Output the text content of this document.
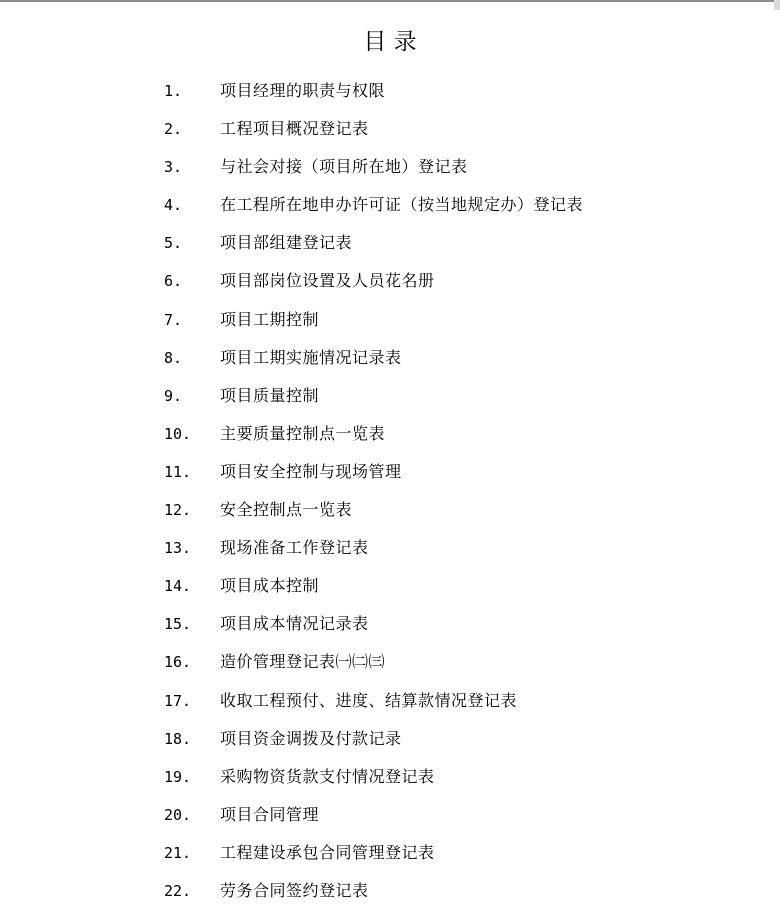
目 录
1.	项目经理的职责与权限
2.	工程项目概况登记表
3.	与社会对接（项目所在地）登记表
4.	在工程所在地申办许可证（按当地规定办）登记表
5.	项目部组建登记表
6.	项目部岗位设置及人员花名册
7.	项目工期控制
8.	项目工期实施情况记录表
9.	项目质量控制
10.	主要质量控制点一览表
11.	项目安全控制与现场管理
12.	安全控制点一览表
13.	现场准备工作登记表
14.	项目成本控制
15.	项目成本情况记录表
16.	造价管理登记表㈠㈡㈢
17.	收取工程预付、进度、结算款情况登记表
18.	项目资金调拨及付款记录
19.	采购物资货款支付情况登记表
20.	项目合同管理
21.	工程建设承包合同管理登记表
22.	劳务合同签约登记表
